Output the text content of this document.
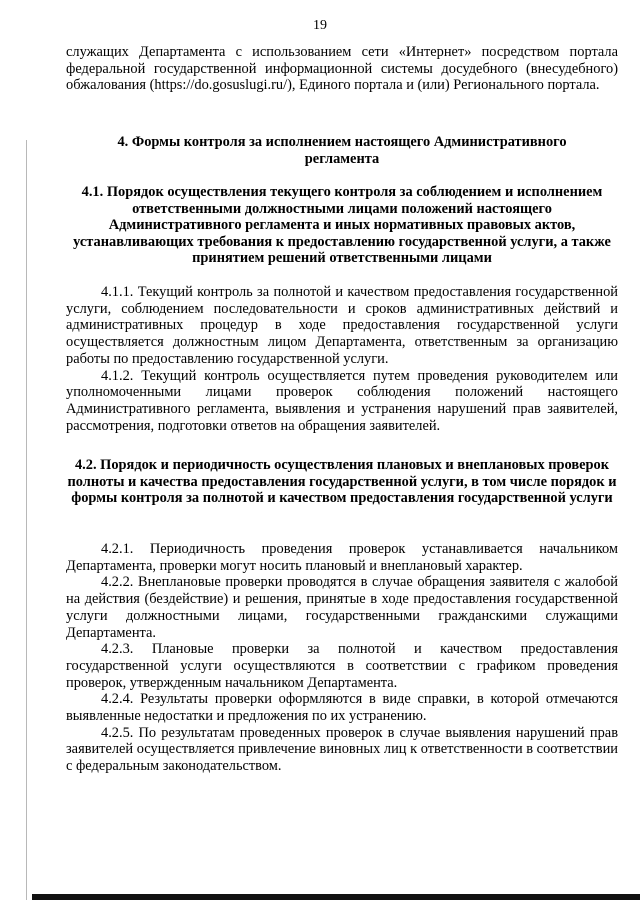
19

служащих Департамента с использованием сети «Интернет» посредством портала федеральной государственной информационной системы досудебного (внесудебного) обжалования (https://do.gosuslugi.ru/), Единого портала и (или) Регионального портала.

4. Формы контроля за исполнением настоящего Административного регламента
4.1. Порядок осуществления текущего контроля за соблюдением и исполнением ответственными должностными лицами положений настоящего Административного регламента и иных нормативных правовых актов, устанавливающих требования к предоставлению государственной услуги, а также принятием решений ответственными лицами

4.1.1. Текущий контроль за полнотой и качеством предоставления государственной услуги, соблюдением последовательности и сроков административных действий и административных процедур в ходе предоставления государственной услуги осуществляется должностным лицом Департамента, ответственным за организацию работы по предоставлению государственной услуги.

4.1.2. Текущий контроль осуществляется путем проведения руководителем или уполномоченными лицами проверок соблюдения положений настоящего Административного регламента, выявления и устранения нарушений прав заявителей, рассмотрения, подготовки ответов на обращения заявителей.

4.2. Порядок и периодичность осуществления плановых и внеплановых проверок полноты и качества предоставления государственной услуги, в том числе порядок и формы контроля за полнотой и качеством предоставления государственной услуги

4.2.1. Периодичность проведения проверок устанавливается начальником Департамента, проверки могут носить плановый и внеплановый характер.

4.2.2. Внеплановые проверки проводятся в случае обращения заявителя с жалобой на действия (бездействие) и решения, принятые в ходе предоставления государственной услуги должностными лицами, государственными гражданскими служащими Департамента.

4.2.3. Плановые проверки за полнотой и качеством предоставления государственной услуги осуществляются в соответствии с графиком проведения проверок, утвержденным начальником Департамента.

4.2.4. Результаты проверки оформляются в виде справки, в которой отмечаются выявленные недостатки и предложения по их устранению.

4.2.5. По результатам проведенных проверок в случае выявления нарушений прав заявителей осуществляется привлечение виновных лиц к ответственности в соответствии с федеральным законодательством.
